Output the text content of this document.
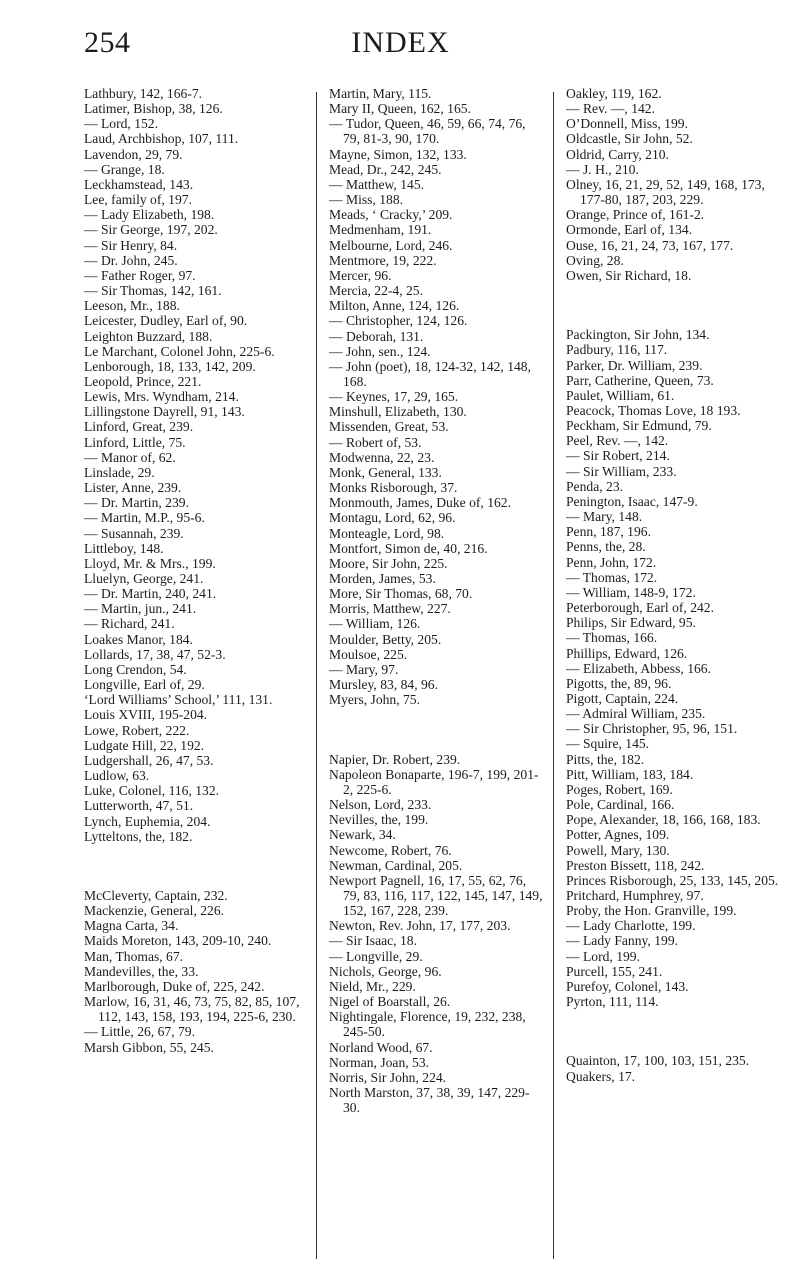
254	INDEX

Lathbury, 142, 166-7.

Latimer, Bishop, 38, 126.

— Lord, 152.

Laud, Archbishop, 107, 111.

Lavendon, 29, 79.

— Grange, 18.

Leckhamstead, 143.

Lee, family of, 197.

— Lady Elizabeth, 198.

— Sir George, 197, 202.

— Sir Henry, 84.

— Dr. John, 245.

— Father Roger, 97.

— Sir Thomas, 142, 161.

Leeson, Mr., 188.

Leicester, Dudley, Earl of, 90.

Leighton Buzzard, 188.

Le Marchant, Colonel John, 225-6.

Lenborough, 18, 133, 142, 209.

Leopold, Prince, 221.

Lewis, Mrs. Wyndham, 214.

Lillingstone Dayrell, 91, 143.

Linford, Great, 239.

Linford, Little, 75.

— Manor of, 62.

Linslade, 29.

Lister, Anne, 239.

— Dr. Martin, 239.

— Martin, M.P., 95-6.

— Susannah, 239.

Littleboy, 148.

Lloyd, Mr. & Mrs., 199.

Lluelyn, George, 241.

— Dr. Martin, 240, 241.

— Martin, jun., 241.

— Richard, 241.

Loakes Manor, 184.

Lollards, 17, 38, 47, 52-3.

Long Crendon, 54.

Longville, Earl of, 29.

‘Lord Williams’ School,’ 111, 131.

Louis XVIII, 195-204.

Lowe, Robert, 222.

Ludgate Hill, 22, 192.

Ludgershall, 26, 47, 53.

Ludlow, 63.

Luke, Colonel, 116, 132.

Lutterworth, 47, 51.

Lynch, Euphemia, 204.

Lytteltons, the, 182.

McCleverty, Captain, 232.

Mackenzie, General, 226.

Magna Carta, 34.

Maids Moreton, 143, 209-10, 240.

Man, Thomas, 67.

Mandevilles, the, 33.

Marlborough, Duke of, 225, 242.

Marlow, 16, 31, 46, 73, 75, 82, 85, 107, 112, 143, 158, 193, 194, 225-6, 230.

— Little, 26, 67, 79.

Marsh Gibbon, 55, 245.

Martin, Mary, 115.

Mary II, Queen, 162, 165.

— Tudor, Queen, 46, 59, 66, 74, 76, 79, 81-3, 90, 170.

Mayne, Simon, 132, 133.

Mead, Dr., 242, 245.

— Matthew, 145.

— Miss, 188.

Meads, ‘ Cracky,’ 209.

Medmenham, 191.

Melbourne, Lord, 246.

Mentmore, 19, 222.

Mercer, 96.

Mercia, 22-4, 25.

Milton, Anne, 124, 126.

— Christopher, 124, 126.

— Deborah, 131.

— John, sen., 124.

— John (poet), 18, 124-32, 142, 148, 168.

— Keynes, 17, 29, 165.

Minshull, Elizabeth, 130.

Missenden, Great, 53.

— Robert of, 53.

Modwenna, 22, 23.

Monk, General, 133.

Monks Risborough, 37.

Monmouth, James, Duke of, 162.

Montagu, Lord, 62, 96.

Monteagle, Lord, 98.

Montfort, Simon de, 40, 216.

Moore, Sir John, 225.

Morden, James, 53.

More, Sir Thomas, 68, 70.

Morris, Matthew, 227.

— William, 126.

Moulder, Betty, 205.

Moulsoe, 225.

— Mary, 97.

Mursley, 83, 84, 96.

Myers, John, 75.

Napier, Dr. Robert, 239.

Napoleon Bonaparte, 196-7, 199, 201-2, 225-6.

Nelson, Lord, 233.

Nevilles, the, 199.

Newark, 34.

Newcome, Robert, 76.

Newman, Cardinal, 205.

Newport Pagnell, 16, 17, 55, 62, 76, 79, 83, 116, 117, 122, 145, 147, 149, 152, 167, 228, 239.

Newton, Rev. John, 17, 177, 203.

— Sir Isaac, 18.

— Longville, 29.

Nichols, George, 96.

Nield, Mr., 229.

Nigel of Boarstall, 26.

Nightingale, Florence, 19, 232, 238, 245-50.

Norland Wood, 67.

Norman, Joan, 53.

Norris, Sir John, 224.

North Marston, 37, 38, 39, 147, 229-30.

Oakley, 119, 162.

— Rev. —, 142.

O’Donnell, Miss, 199.

Oldcastle, Sir John, 52.

Oldrid, Carry, 210.

— J. H., 210.

Olney, 16, 21, 29, 52, 149, 168, 173, 177-80, 187, 203, 229.

Orange, Prince of, 161-2.

Ormonde, Earl of, 134.

Ouse, 16, 21, 24, 73, 167, 177.

Oving, 28.

Owen, Sir Richard, 18.

Packington, Sir John, 134.

Padbury, 116, 117.

Parker, Dr. William, 239.

Parr, Catherine, Queen, 73.

Paulet, William, 61.

Peacock, Thomas Love, 18 193.

Peckham, Sir Edmund, 79.

Peel, Rev. —, 142.

— Sir Robert, 214.

— Sir William, 233.

Penda, 23.

Penington, Isaac, 147-9.

— Mary, 148.

Penn, 187, 196.

Penns, the, 28.

Penn, John, 172.

— Thomas, 172.

— William, 148-9, 172.

Peterborough, Earl of, 242.

Philips, Sir Edward, 95.

— Thomas, 166.

Phillips, Edward, 126.

— Elizabeth, Abbess, 166.

Pigotts, the, 89, 96.

Pigott, Captain, 224.

— Admiral William, 235.

— Sir Christopher, 95, 96, 151.

— Squire, 145.

Pitts, the, 182.

Pitt, William, 183, 184.

Poges, Robert, 169.

Pole, Cardinal, 166.

Pope, Alexander, 18, 166, 168, 183.

Potter, Agnes, 109.

Powell, Mary, 130.

Preston Bissett, 118, 242.

Princes Risborough, 25, 133, 145, 205.

Pritchard, Humphrey, 97.

Proby, the Hon. Granville, 199.

— Lady Charlotte, 199.

— Lady Fanny, 199.

— Lord, 199.

Purcell, 155, 241.

Purefoy, Colonel, 143.

Pyrton, 111, 114.

Quainton, 17, 100, 103, 151, 235.

Quakers, 17.
